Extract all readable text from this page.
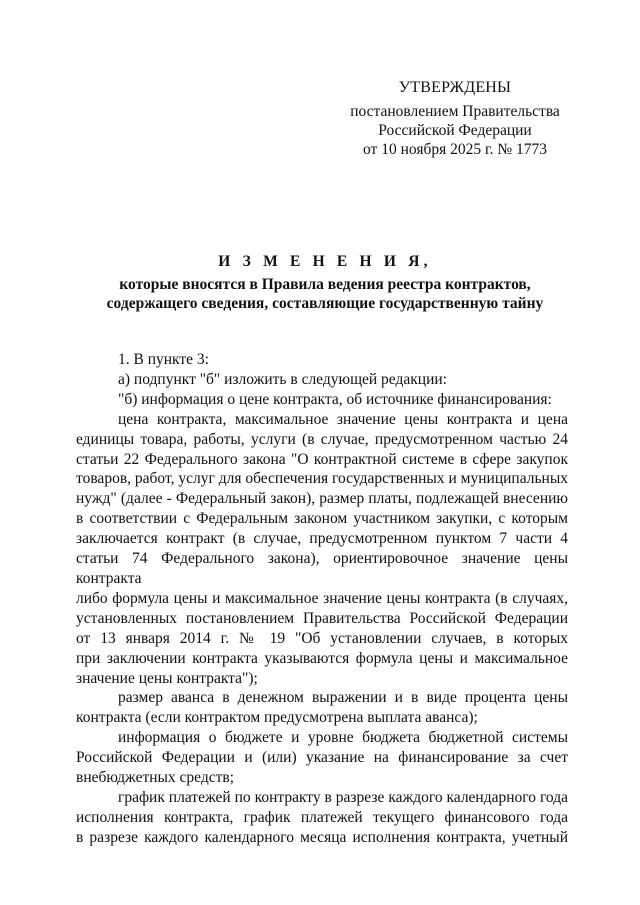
УТВЕРЖДЕНЫ
постановлением Правительства
Российской Федерации
от 10 ноября 2025 г. № 1773
И З М Е Н Е Н И Я,
которые вносятся в Правила ведения реестра контрактов,
содержащего сведения, составляющие государственную тайну
1. В пункте 3:
а) подпункт "б" изложить в следующей редакции:
"б) информация о цене контракта, об источнике финансирования:
цена контракта, максимальное значение цены контракта и цена
единицы товара, работы, услуги (в случае, предусмотренном частью 24
статьи 22 Федерального закона "О контрактной системе в сфере закупок
товаров, работ, услуг для обеспечения государственных и муниципальных
нужд" (далее - Федеральный закон), размер платы, подлежащей внесению
в соответствии с Федеральным законом участником закупки, с которым
заключается контракт (в случае, предусмотренном пунктом 7 части 4
статьи 74 Федерального закона), ориентировочное значение цены контракта
либо формула цены и максимальное значение цены контракта (в случаях,
установленных постановлением Правительства Российской Федерации
от 13 января 2014 г. № 19 "Об установлении случаев, в которых
при заключении контракта указываются формула цены и максимальное
значение цены контракта");
размер аванса в денежном выражении и в виде процента цены
контракта (если контрактом предусмотрена выплата аванса);
информация о бюджете и уровне бюджета бюджетной системы
Российской Федерации и (или) указание на финансирование за счет
внебюджетных средств;
график платежей по контракту в разрезе каждого календарного года
исполнения контракта, график платежей текущего финансового года
в разрезе каждого календарного месяца исполнения контракта, учетный
